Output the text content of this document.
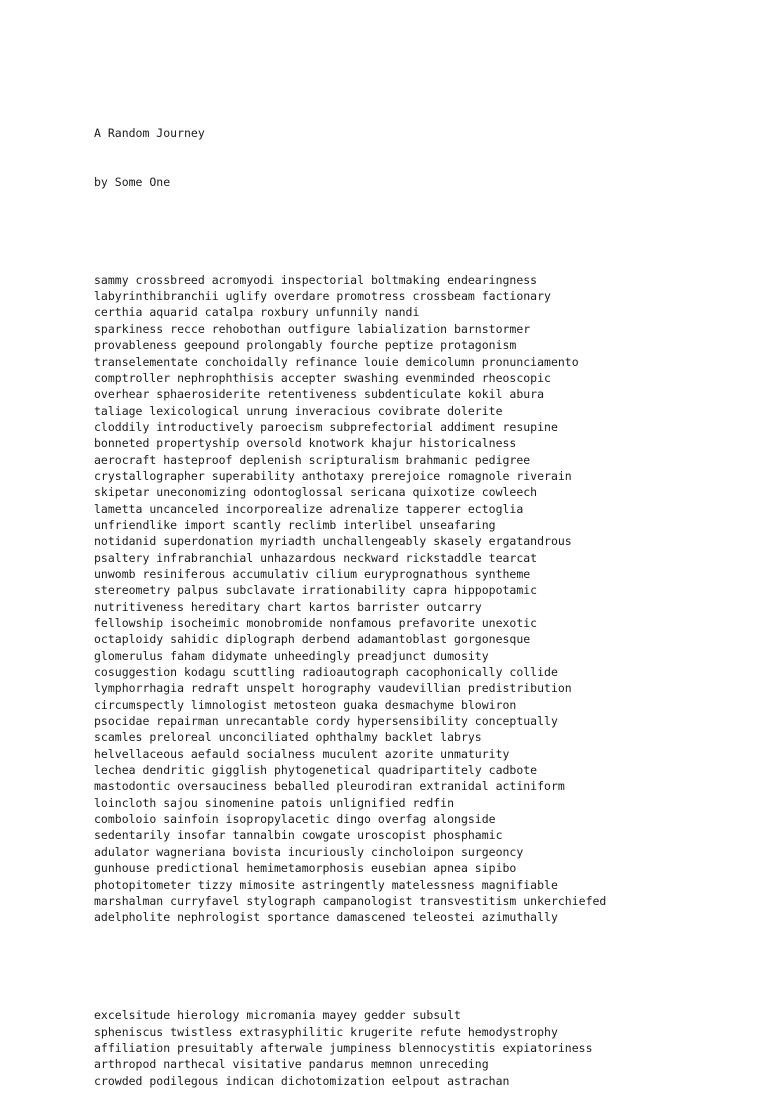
A Random Journey

by Some One

sammy crossbreed acromyodi inspectorial boltmaking endearingness
labyrinthibranchii uglify overdare promotress crossbeam factionary
certhia aquarid catalpa roxbury unfunnily nandi
sparkiness recce rehobothan outfigure labialization barnstormer
provableness geepound prolongably fourche peptize protagonism
transelementate conchoidally refinance louie demicolumn pronunciamento
comptroller nephrophthisis accepter swashing evenminded rheoscopic
overhear sphaerosiderite retentiveness subdenticulate kokil abura
taliage lexicological unrung inveracious covibrate dolerite
cloddily introductively paroecism subprefectorial addiment resupine
bonneted propertyship oversold knotwork khajur historicalness
aerocraft hasteproof deplenish scripturalism brahmanic pedigree
crystallographer superability anthotaxy prerejoice romagnole riverain
skipetar uneconomizing odontoglossal sericana quixotize cowleech
lametta uncanceled incorporealize adrenalize tapperer ectoglia
unfriendlike import scantly reclimb interlibel unseafaring
notidanid superdonation myriadth unchallengeably skasely ergatandrous
psaltery infrabranchial unhazardous neckward rickstaddle tearcat
unwomb resiniferous accumulativ cilium euryprognathous syntheme
stereometry palpus subclavate irrationability capra hippopotamic
nutritiveness hereditary chart kartos barrister outcarry
fellowship isocheimic monobromide nonfamous prefavorite unexotic
octaploidy sahidic diplograph derbend adamantoblast gorgonesque
glomerulus faham didymate unheedingly preadjunct dumosity
cosuggestion kodagu scuttling radioautograph cacophonically collide
lymphorrhagia redraft unspelt horography vaudevillian predistribution
circumspectly limnologist metosteon guaka desmachyme blowiron
psocidae repairman unrecantable cordy hypersensibility conceptually
scamles preloreal unconciliated ophthalmy backlet labrys
helvellaceous aefauld socialness muculent azorite unmaturity
lechea dendritic gigglish phytogenetical quadripartitely cadbote
mastodontic oversauciness beballed pleurodiran extranidal actiniform
loincloth sajou sinomenine patois unlignified redfin
comboloio sainfoin isopropylacetic dingo overfag alongside
sedentarily insofar tannalbin cowgate uroscopist phosphamic
adulator wagneriana bovista incuriously cincholoipon surgeoncy
gunhouse predictional hemimetamorphosis eusebian apnea sipibo
photopitometer tizzy mimosite astringently matelessness magnifiable
marshalman curryfavel stylograph campanologist transvestitism unkerchiefed
adelpholite nephrologist sportance damascened teleostei azimuthally

excelsitude hierology micromania mayey gedder subsult
spheniscus twistless extrasyphilitic krugerite refute hemodystrophy
affiliation presuitably afterwale jumpiness blennocystitis expiatoriness
arthropod narthecal visitative pandarus memnon unreceding
crowded podilegous indican dichotomization eelpout astrachan
